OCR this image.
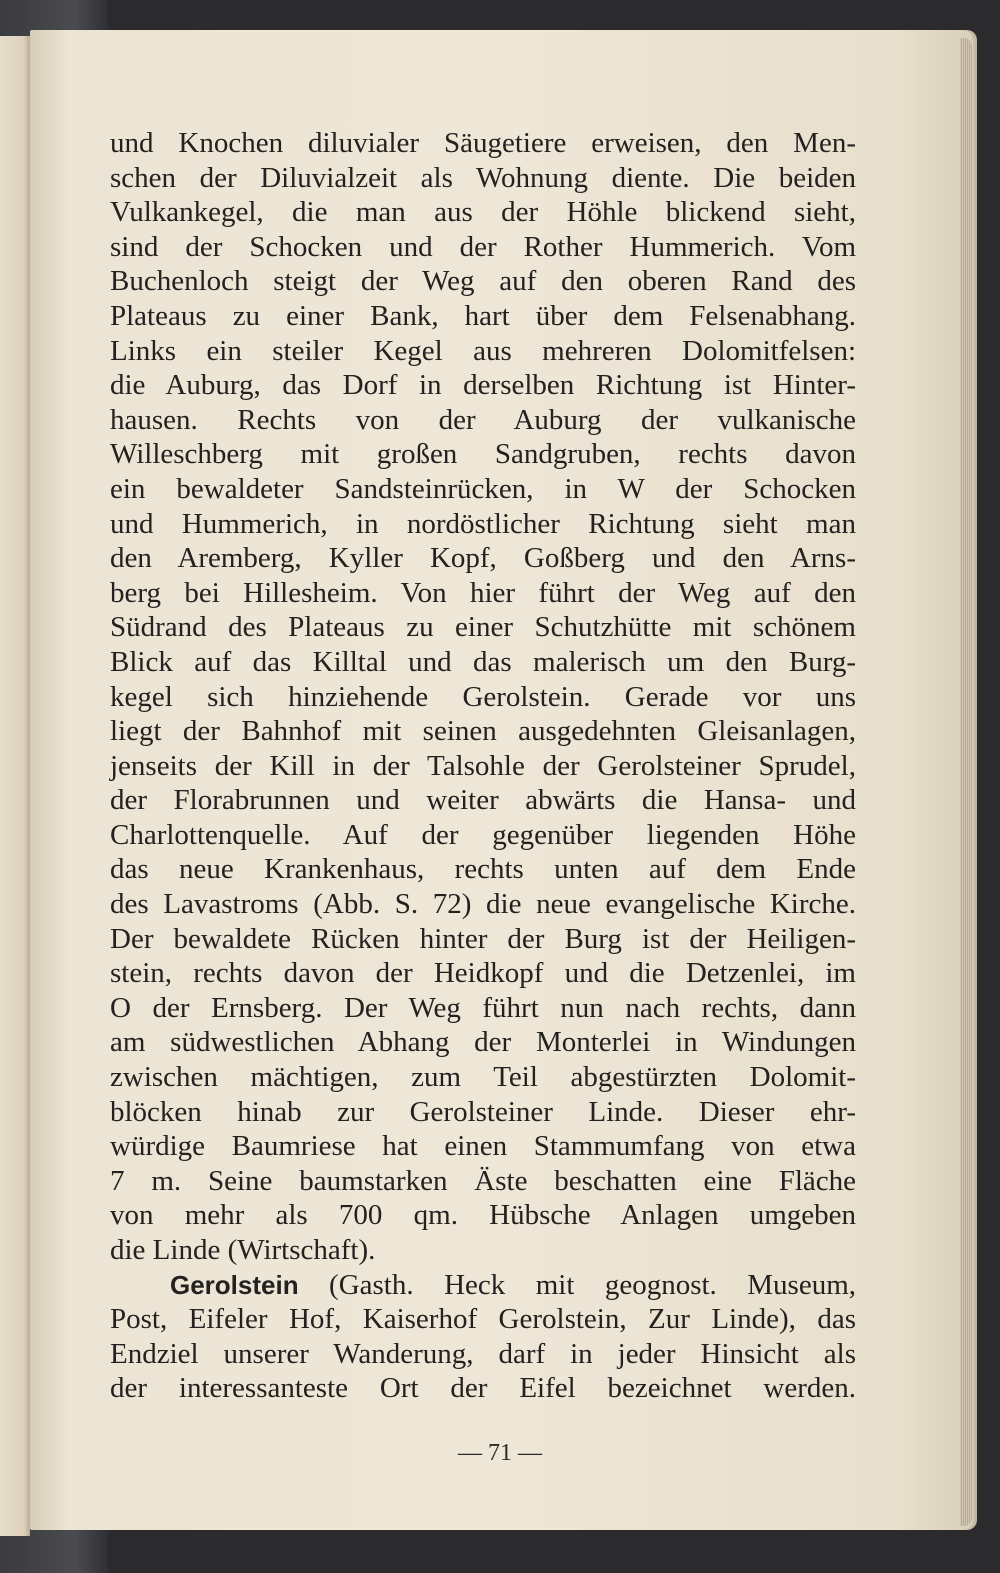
und Knochen diluvialer Säugetiere erweisen, den Men-
schen der Diluvialzeit als Wohnung diente. Die beiden
Vulkankegel, die man aus der Höhle blickend sieht,
sind der Schocken und der Rother Hummerich. Vom
Buchenloch steigt der Weg auf den oberen Rand des
Plateaus zu einer Bank, hart über dem Felsenabhang.
Links ein steiler Kegel aus mehreren Dolomitfelsen:
die Auburg, das Dorf in derselben Richtung ist Hinter-
hausen. Rechts von der Auburg der vulkanische
Willeschberg mit großen Sandgruben, rechts davon
ein bewaldeter Sandsteinrücken, in W der Schocken
und Hummerich, in nordöstlicher Richtung sieht man
den Aremberg, Kyller Kopf, Goßberg und den Arns-
berg bei Hillesheim. Von hier führt der Weg auf den
Südrand des Plateaus zu einer Schutzhütte mit schönem
Blick auf das Killtal und das malerisch um den Burg-
kegel sich hinziehende Gerolstein. Gerade vor uns
liegt der Bahnhof mit seinen ausgedehnten Gleisanlagen,
jenseits der Kill in der Talsohle der Gerolsteiner Sprudel,
der Florabrunnen und weiter abwärts die Hansa- und
Charlottenquelle. Auf der gegenüber liegenden Höhe
das neue Krankenhaus, rechts unten auf dem Ende
des Lavastroms (Abb. S. 72) die neue evangelische Kirche.
Der bewaldete Rücken hinter der Burg ist der Heiligen-
stein, rechts davon der Heidkopf und die Detzenlei, im
O der Ernsberg. Der Weg führt nun nach rechts, dann
am südwestlichen Abhang der Monterlei in Windungen
zwischen mächtigen, zum Teil abgestürzten Dolomit-
blöcken hinab zur Gerolsteiner Linde. Dieser ehr-
würdige Baumriese hat einen Stammumfang von etwa
7 m. Seine baumstarken Äste beschatten eine Fläche
von mehr als 700 qm. Hübsche Anlagen umgeben
die Linde (Wirtschaft).
Gerolstein (Gasth. Heck mit geognost. Museum,
Post, Eifeler Hof, Kaiserhof Gerolstein, Zur Linde), das
Endziel unserer Wanderung, darf in jeder Hinsicht als
der interessanteste Ort der Eifel bezeichnet werden.
— 71 —
